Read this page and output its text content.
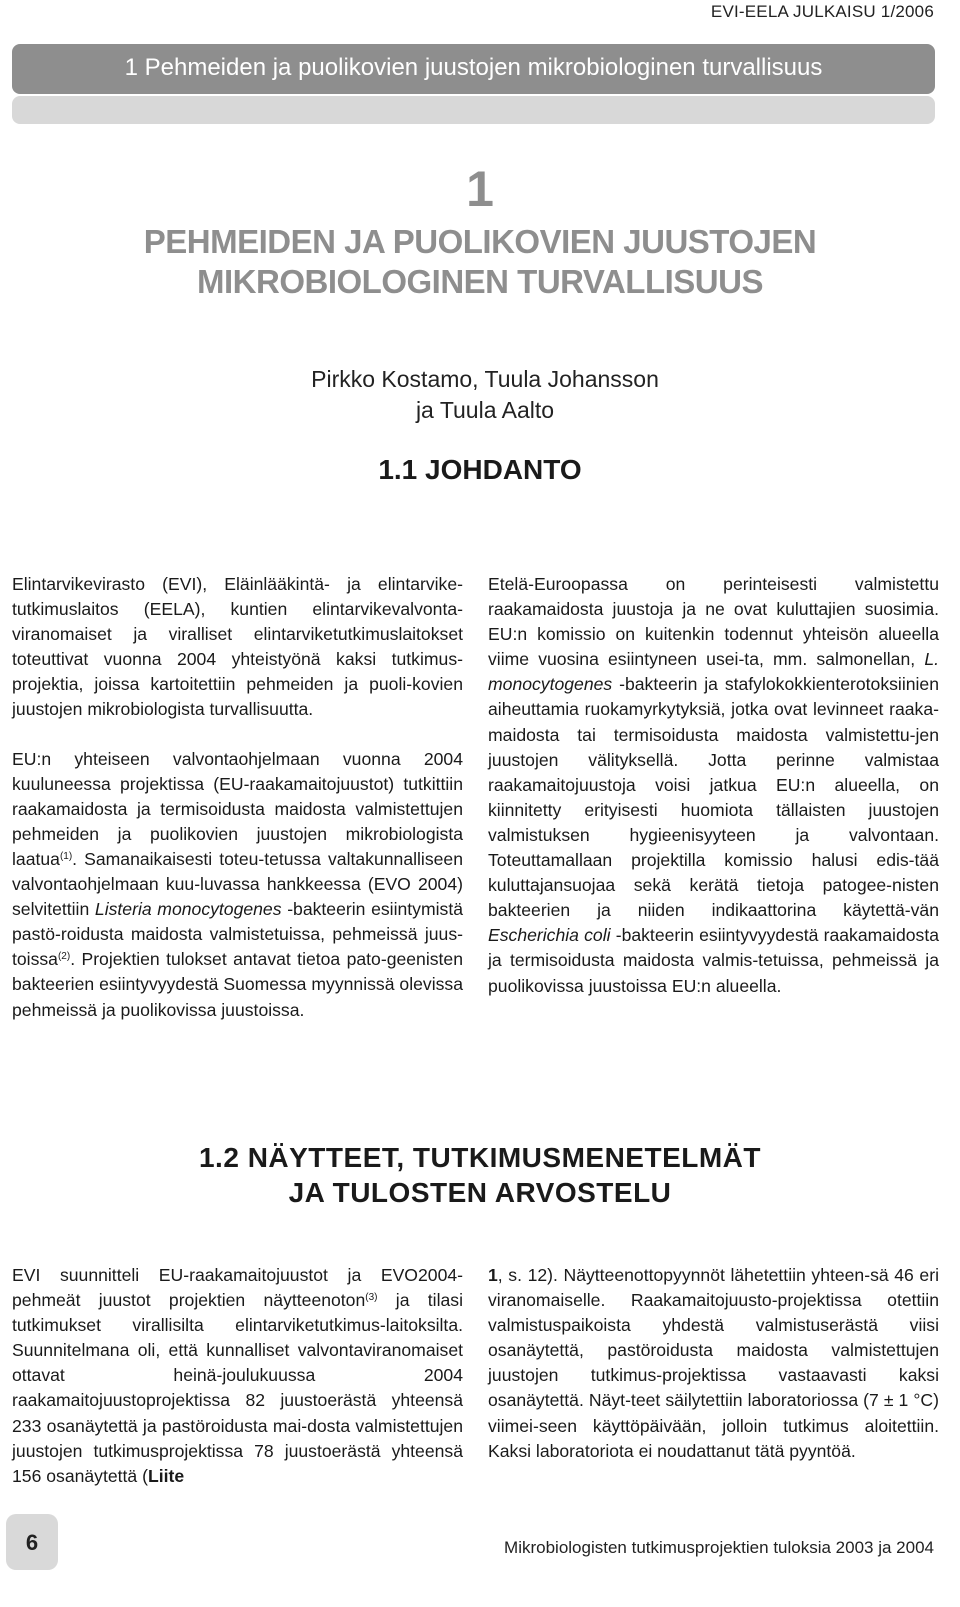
EVI-EELA JULKAISU 1/2006
1 Pehmeiden ja puolikovien juustojen mikrobiologinen turvallisuus
1
PEHMEIDEN JA PUOLIKOVIEN JUUSTOJEN MIKROBIOLOGINEN TURVALLISUUS
Pirkko Kostamo, Tuula Johansson
ja Tuula Aalto
1.1 JOHDANTO

Elintarvikevirasto (EVI), Eläinlääkintä- ja elintarvike-tutkimuslaitos (EELA), kuntien elintarvikevalvonta-viranomaiset ja viralliset elintarviketutkimuslaitokset toteuttivat vuonna 2004 yhteistyönä kaksi tutkimus-projektia, joissa kartoitettiin pehmeiden ja puoli-kovien juustojen mikrobiologista turvallisuutta.

EU:n yhteiseen valvontaohjelmaan vuonna 2004 kuuluneessa projektissa (EU-raakamaitojuustot) tutkittiin raakamaidosta ja termisoidusta maidosta valmistettujen pehmeiden ja puolikovien juustojen mikrobiologista laatua$^{(1)}$. Samanaikaisesti toteu-tetussa valtakunnalliseen valvontaohjelmaan kuu-luvassa hankkeessa (EVO 2004) selvitettiin Listeria monocytogenes -bakteerin esiintymistä pastö-roidusta maidosta valmistetuissa, pehmeissä juus-toissa$^{(2)}$. Projektien tulokset antavat tietoa pato-geenisten bakteerien esiintyvyydestä Suomessa myynnissä olevissa pehmeissä ja puolikovissa juustoissa.

Etelä-Euroopassa on perinteisesti valmistettu raakamaidosta juustoja ja ne ovat kuluttajien suosimia. EU:n komissio on kuitenkin todennut yhteisön alueella viime vuosina esiintyneen usei-ta, mm. salmonellan, L. monocytogenes -bakteerin ja stafylokokkienterotoksiinien aiheuttamia ruokamyrkytyksiä, jotka ovat levinneet raaka-maidosta tai termisoidusta maidosta valmistettu-jen juustojen välityksellä. Jotta perinne valmistaa raakamaitojuustoja voisi jatkua EU:n alueella, on kiinnitetty erityisesti huomiota tällaisten juustojen valmistuksen hygieenisyyteen ja valvontaan. Toteuttamallaan projektilla komissio halusi edis-tää kuluttajansuojaa sekä kerätä tietoja patogee-nisten bakteerien ja niiden indikaattorina käytettä-vän Escherichia coli -bakteerin esiintyvyydestä raakamaidosta ja termisoidusta maidosta valmis-tetuissa, pehmeissä ja puolikovissa juustoissa EU:n alueella.

1.2 NÄYTTEET, TUTKIMUSMENETELMÄT
JA TULOSTEN ARVOSTELU

EVI suunnitteli EU-raakamaitojuustot ja EVO2004-pehmeät juustot projektien näytteenoton$^{(3)}$ ja tilasi tutkimukset virallisilta elintarviketutkimus-laitoksilta. Suunnitelmana oli, että kunnalliset valvontaviranomaiset ottavat heinä-joulukuussa 2004 raakamaitojuustoprojektissa 82 juustoerästä yhteensä 233 osanäytettä ja pastöroidusta mai-dosta valmistettujen juustojen tutkimusprojektissa 78 juustoerästä yhteensä 156 osanäytettä (Liite

1, s. 12). Näytteenottopyynnöt lähetettiin yhteen-sä 46 eri viranomaiselle. Raakamaitojuusto-projektissa otettiin valmistuspaikoista yhdestä valmistuserästä viisi osanäytettä, pastöroidusta maidosta valmistettujen juustojen tutkimus-projektissa vastaavasti kaksi osanäytettä. Näyt-teet säilytettiin laboratoriossa (7 ± 1 °C) viimei-seen käyttöpäivään, jolloin tutkimus aloitettiin. Kaksi laboratoriota ei noudattanut tätä pyyntöä.

6	Mikrobiologisten tutkimusprojektien tuloksia 2003 ja 2004
